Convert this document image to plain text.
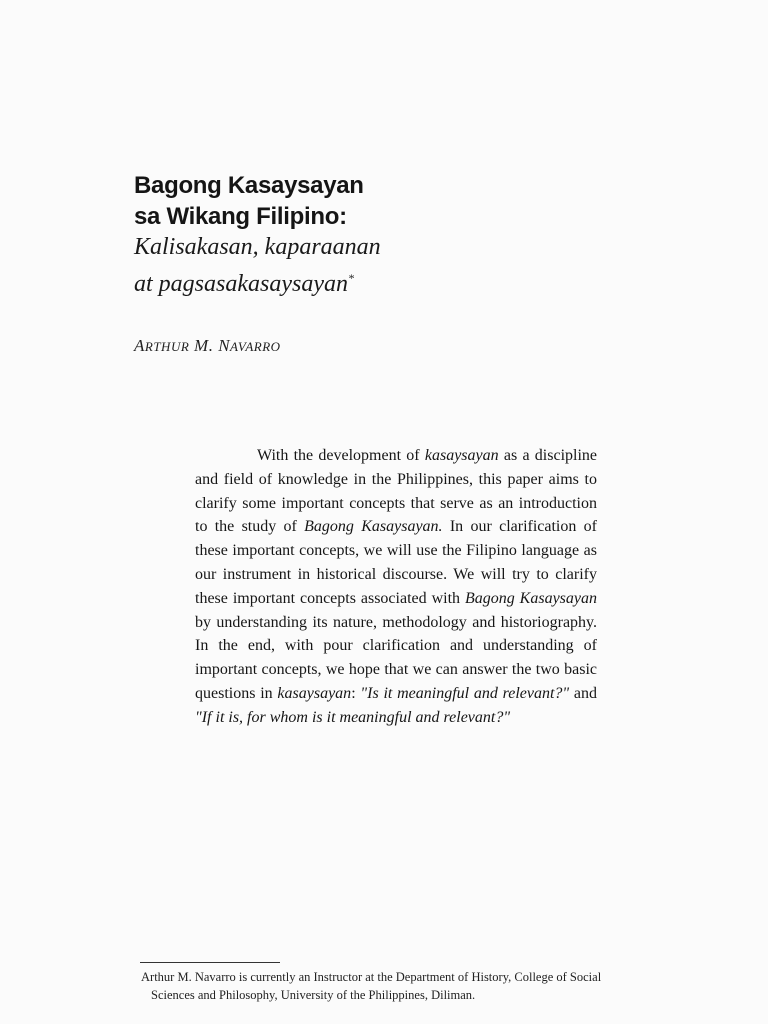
Bagong Kasaysayan

sa Wikang Filipino:

Kalisakasan, kaparaanan

at pagsasakasaysayan*

ARTHUR M. NAVARRO

With the development of kasaysayan as a discipline and field of knowledge in the Philippines, this paper aims to clarify some important concepts that serve as an introduction to the study of Bagong Kasaysayan. In our clarification of these important concepts, we will use the Filipino language as our instrument in historical discourse. We will try to clarify these important concepts associated with Bagong Kasaysayan by understanding its nature, methodology and historiography. In the end, with pour clarification and understanding of important concepts, we hope that we can answer the two basic questions in kasaysayan: "Is it meaningful and relevant?" and "If it is, for whom is it meaningful and relevant?"

Arthur M. Navarro is currently an Instructor at the Department of History, College of Social
Sciences and Philosophy, University of the Philippines, Diliman.
